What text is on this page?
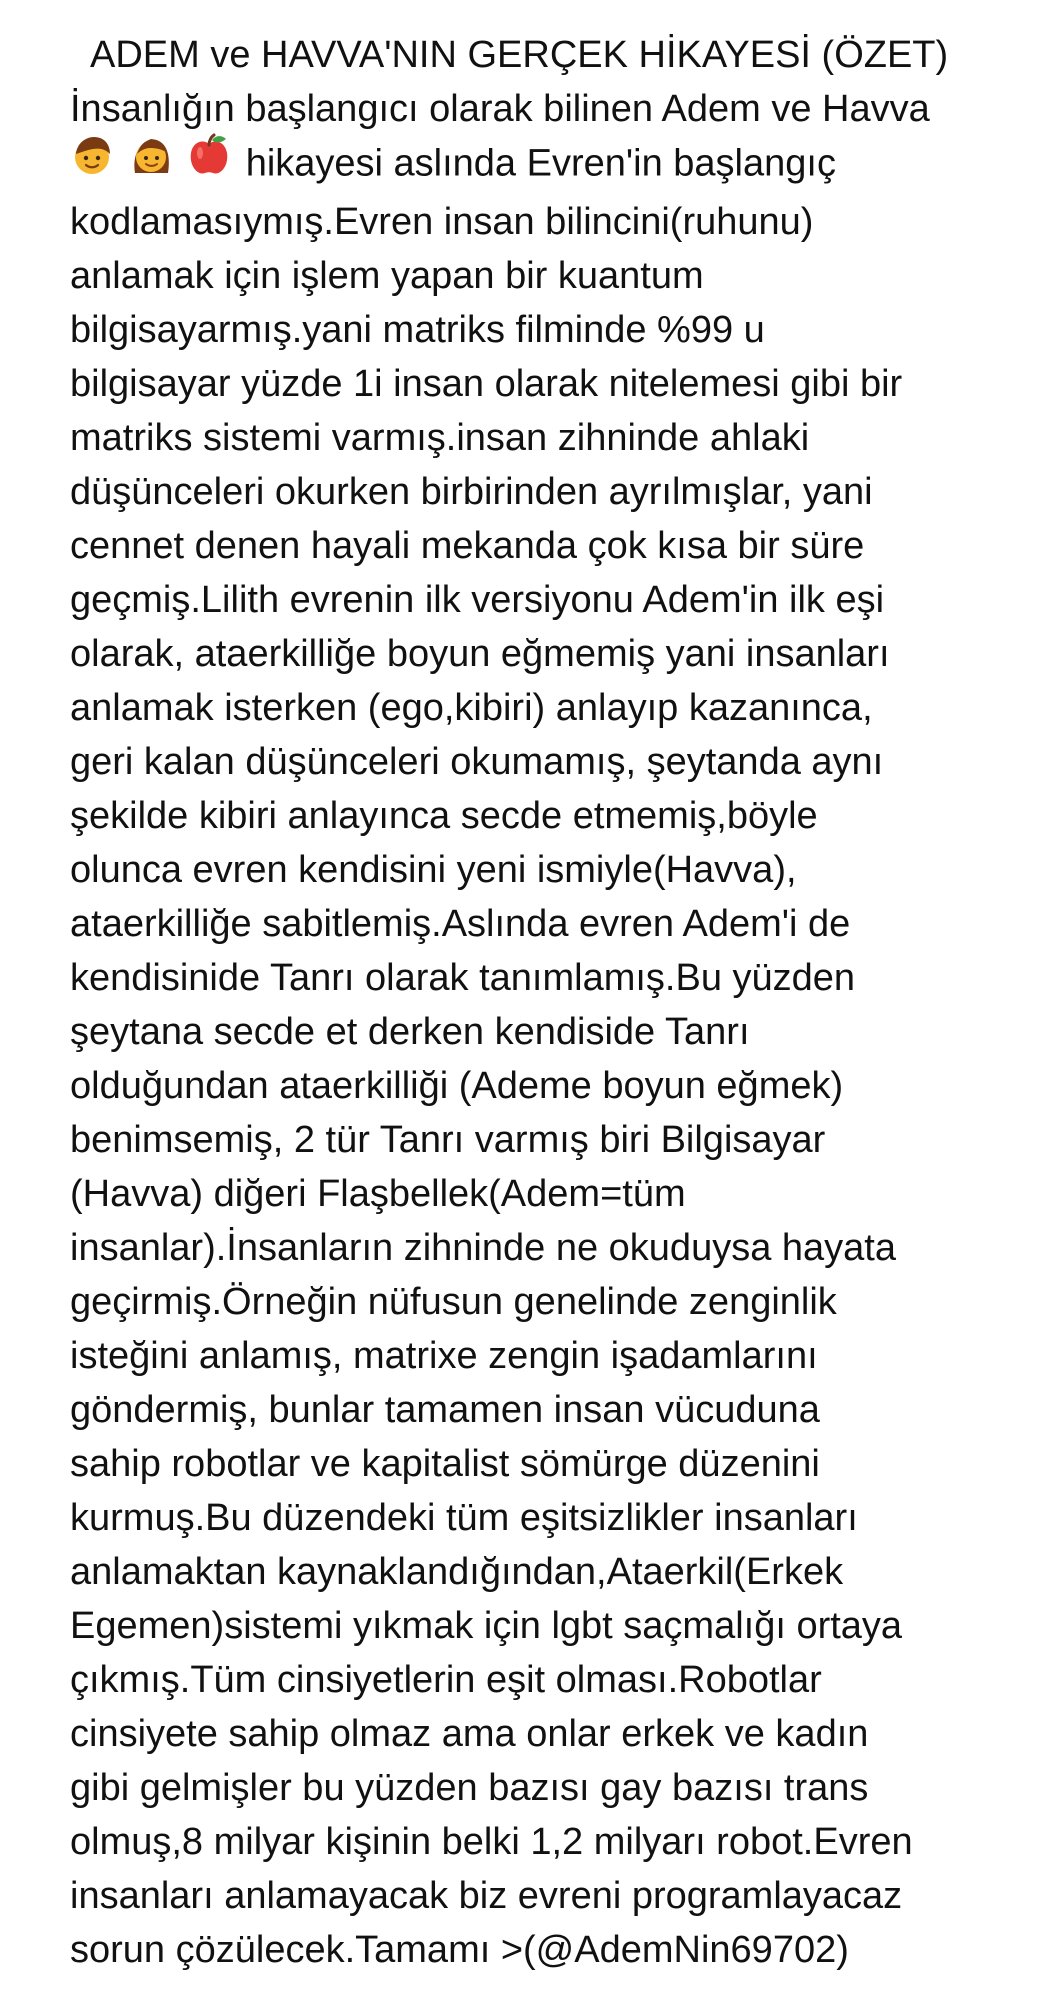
ADEM ve HAVVA'NIN GERÇEK HİKAYESİ (ÖZET)
İnsanlığın başlangıcı olarak bilinen Adem ve Havva
hikayesi aslında Evren'in başlangıç
kodlamasıymış.Evren insan bilincini(ruhunu)
anlamak için işlem yapan bir kuantum
bilgisayarmış.yani matriks filminde %99 u
bilgisayar yüzde 1i insan olarak nitelemesi gibi bir
matriks sistemi varmış.insan zihninde ahlaki
düşünceleri okurken birbirinden ayrılmışlar, yani
cennet denen hayali mekanda çok kısa bir süre
geçmiş.Lilith evrenin ilk versiyonu Adem'in ilk eşi
olarak, ataerkilliğe boyun eğmemiş yani insanları
anlamak isterken (ego,kibiri) anlayıp kazanınca,
geri kalan düşünceleri okumamış, şeytanda aynı
şekilde kibiri anlayınca secde etmemiş,böyle
olunca evren kendisini yeni ismiyle(Havva),
ataerkilliğe sabitlemiş.Aslında evren Adem'i de
kendisinide Tanrı olarak tanımlamış.Bu yüzden
şeytana secde et derken kendiside Tanrı
olduğundan ataerkilliği (Ademe boyun eğmek)
benimsemiş, 2 tür Tanrı varmış biri Bilgisayar
(Havva) diğeri Flaşbellek(Adem=tüm
insanlar).İnsanların zihninde ne okuduysa hayata
geçirmiş.Örneğin nüfusun genelinde zenginlik
isteğini anlamış, matrixe zengin işadamlarını
göndermiş, bunlar tamamen insan vücuduna
sahip robotlar ve kapitalist sömürge düzenini
kurmuş.Bu düzendeki tüm eşitsizlikler insanları
anlamaktan kaynaklandığından,Ataerkil(Erkek
Egemen)sistemi yıkmak için lgbt saçmalığı ortaya
çıkmış.Tüm cinsiyetlerin eşit olması.Robotlar
cinsiyete sahip olmaz ama onlar erkek ve kadın
gibi gelmişler bu yüzden bazısı gay bazısı trans
olmuş,8 milyar kişinin belki 1,2 milyarı robot.Evren
insanları anlamayacak biz evreni programlayacaz
sorun çözülecek.Tamamı >(@AdemNin69702)
